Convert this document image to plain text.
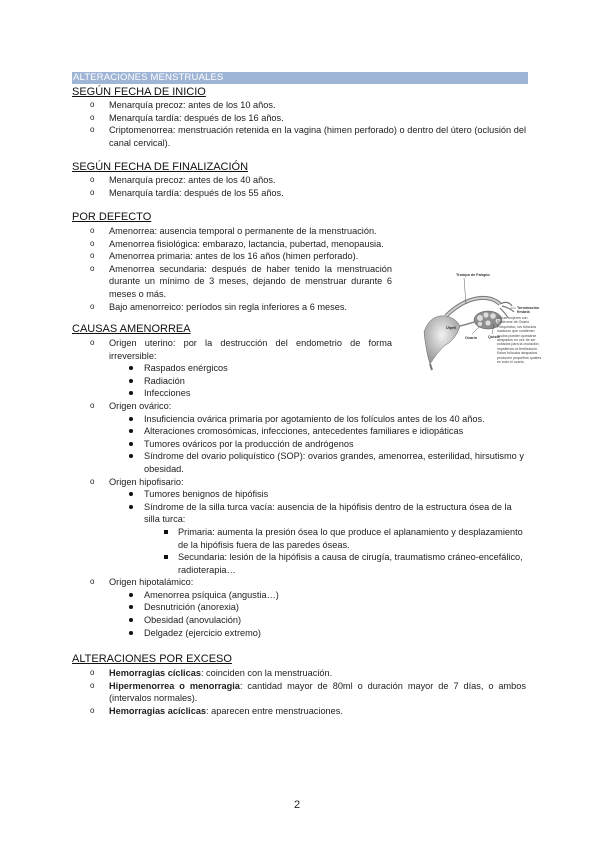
ALTERACIONES MENSTRUALES
SEGÚN FECHA DE INICIO
o Menarquía precoz: antes de los 10 años.
o Menarquía tardía: después de los 16 años.
o Criptomenorrea: menstruación retenida en la vagina (himen perforado) o dentro del útero (oclusión del canal cervical).
SEGÚN FECHA DE FINALIZACIÓN
o Menarquía precoz: antes de los 40 años.
o Menarquía tardía: después de los 55 años.
POR DEFECTO
o Amenorrea: ausencia temporal o permanente de la menstruación.
o Amenorrea fisiológica: embarazo, lactancia, pubertad, menopausia.
o Amenorrea primaria: antes de los 16 años (himen perforado).
o Amenorrea secundaria: después de haber tenido la menstruación durante un mínimo de 3 meses, dejando de menstruar durante 6 meses o más.
o Bajo amenorreico: períodos sin regla inferiores a 6 meses.
Trompa de Falopio
Terminación fimbria
Útero
Ovario	Quiste
En las mujeres con Síndrome de Ovario Poliquístico, los folículos maduros que contienen óvulos pueden quedarse atrapados en vez de ser soltados para la ovulación, impidiendo la fertilización. Estos folículos atrapados producen pequeños quistes en todo el ovario.
CAUSAS AMENORREA
o Origen uterino: por la destrucción del endometrio de forma irreversible:
Raspados enérgicos
Radiación
Infecciones
o Origen ovárico:
Insuficiencia ovárica primaria por agotamiento de los folículos antes de los 40 años.
Alteraciones cromosómicas, infecciones, antecedentes familiares e idiopáticas
Tumores ováricos por la producción de andrógenos
Síndrome del ovario poliquístico (SOP): ovarios grandes, amenorrea, esterilidad, hirsutismo y obesidad.
o Origen hipofisario:
Tumores benignos de hipófisis
Síndrome de la silla turca vacía: ausencia de la hipófisis dentro de la estructura ósea de la silla turca:
Primaria: aumenta la presión ósea lo que produce el aplanamiento y desplazamiento de la hipófisis fuera de las paredes óseas.
Secundaria: lesión de la hipófisis a causa de cirugía, traumatismo cráneo-encefálico, radioterapia…
o Origen hipotalámico:
Amenorrea psíquica (angustia…)
Desnutrición (anorexia)
Obesidad (anovulación)
Delgadez (ejercicio extremo)
ALTERACIONES POR EXCESO
o Hemorragias cíclicas: coinciden con la menstruación.
o Hipermenorrea o menorragia: cantidad mayor de 80ml o duración mayor de 7 días, o ambos (intervalos normales).
o Hemorragias acíclicas: aparecen entre menstruaciones.
2
